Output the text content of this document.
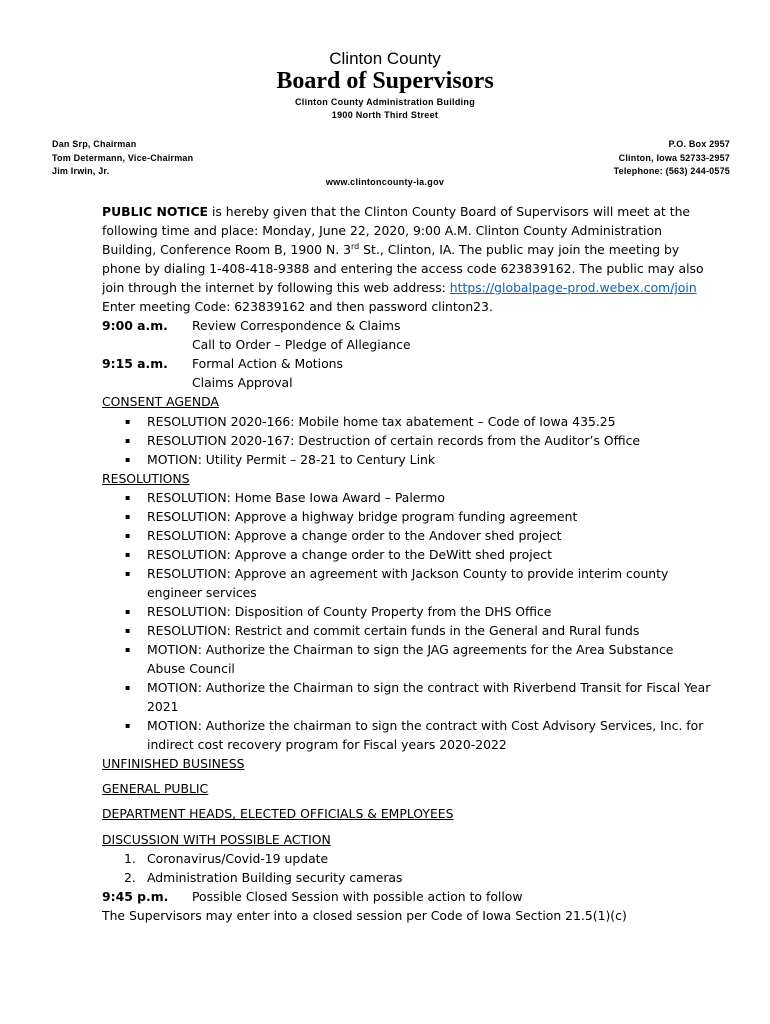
Clinton County
Board of Supervisors
Clinton County Administration Building
1900 North Third Street
Dan Srp, Chairman
Tom Determann, Vice-Chairman
Jim Irwin, Jr.
P.O. Box 2957
Clinton, Iowa 52733-2957
Telephone: (563) 244-0575
www.clintoncounty-ia.gov

PUBLIC NOTICE is hereby given that the Clinton County Board of Supervisors will meet at the following time and place: Monday, June 22, 2020, 9:00 A.M. Clinton County Administration Building, Conference Room B, 1900 N. 3rd St., Clinton, IA. The public may join the meeting by phone by dialing 1-408-418-9388 and entering the access code 623839162. The public may also join through the internet by following this web address: https://globalpage-prod.webex.com/join

Enter meeting Code: 623839162 and then password clinton23.

9:00 a.m.	Review Correspondence & Claims
Call to Order – Pledge of Allegiance
9:15 a.m.	Formal Action & Motions
Claims Approval
CONSENT AGENDA
▪ RESOLUTION 2020-166: Mobile home tax abatement – Code of Iowa 435.25
▪ RESOLUTION 2020-167: Destruction of certain records from the Auditor’s Office
▪ MOTION: Utility Permit – 28-21 to Century Link
RESOLUTIONS
▪ RESOLUTION: Home Base Iowa Award – Palermo
▪ RESOLUTION: Approve a highway bridge program funding agreement
▪ RESOLUTION: Approve a change order to the Andover shed project
▪ RESOLUTION: Approve a change order to the DeWitt shed project
▪ RESOLUTION: Approve an agreement with Jackson County to provide interim county engineer services
▪ RESOLUTION: Disposition of County Property from the DHS Office
▪ RESOLUTION: Restrict and commit certain funds in the General and Rural funds
▪ MOTION: Authorize the Chairman to sign the JAG agreements for the Area Substance Abuse Council
▪ MOTION: Authorize the Chairman to sign the contract with Riverbend Transit for Fiscal Year 2021
▪ MOTION: Authorize the chairman to sign the contract with Cost Advisory Services, Inc. for indirect cost recovery program for Fiscal years 2020-2022
UNFINISHED BUSINESS
GENERAL PUBLIC
DEPARTMENT HEADS, ELECTED OFFICIALS & EMPLOYEES
DISCUSSION WITH POSSIBLE ACTION
1. Coronavirus/Covid-19 update
2. Administration Building security cameras
9:45 p.m.	Possible Closed Session with possible action to follow
The Supervisors may enter into a closed session per Code of Iowa Section 21.5(1)(c)
